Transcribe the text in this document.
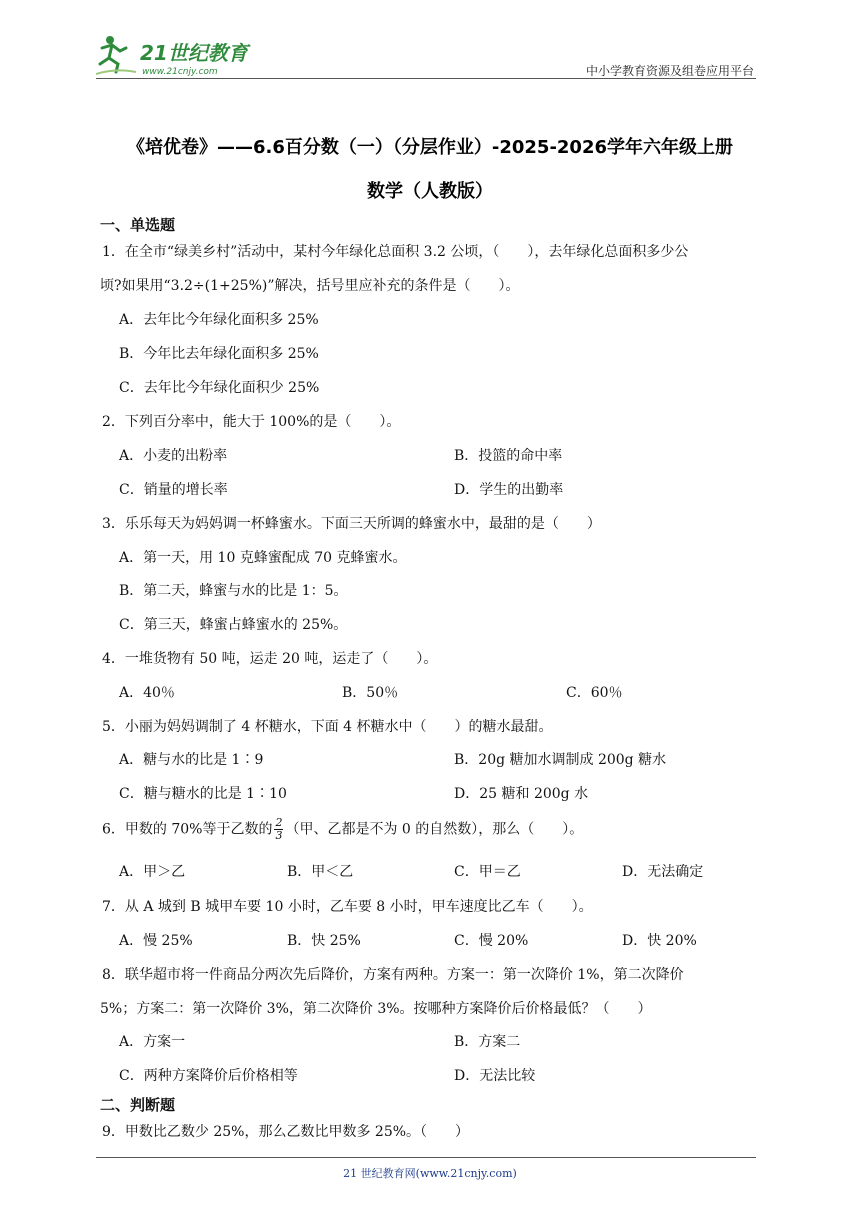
21世纪教育
www.21cnjy.com	中小学教育资源及组卷应用平台
《培优卷》——6.6百分数（一）（分层作业）-2025-2026学年六年级上册
数学（人教版）
一、单选题
1．在全市“绿美乡村”活动中，某村今年绿化总面积 3.2 公顷，（　　），去年绿化总面积多少公
顷?如果用“3.2÷(1+25%)”解决，括号里应补充的条件是（　　）。
A．去年比今年绿化面积多 25%
B．今年比去年绿化面积多 25%
C．去年比今年绿化面积少 25%
2．下列百分率中，能大于 100%的是（　　）。
A．小麦的出粉率	B．投篮的命中率
C．销量的增长率	D．学生的出勤率
3．乐乐每天为妈妈调一杯蜂蜜水。下面三天所调的蜂蜜水中，最甜的是（　　）
A．第一天，用 10 克蜂蜜配成 70 克蜂蜜水。
B．第二天，蜂蜜与水的比是 1：5。
C．第三天，蜂蜜占蜂蜜水的 25%。
4．一堆货物有 50 吨，运走 20 吨，运走了（　　）。
A．40％	B．50％	C．60％
5．小丽为妈妈调制了 4 杯糖水，下面 4 杯糖水中（　　）的糖水最甜。
A．糖与水的比是 1∶9	B．20g 糖加水调制成 200g 糖水
C．糖与糖水的比是 1∶10	D．25 糖和 200g 水
6．甲数的 70%等于乙数的 $\frac{2}{3}$ （甲、乙都是不为 0 的自然数），那么（　　）。
A．甲＞乙	B．甲＜乙	C．甲＝乙	D．无法确定
7．从 A 城到 B 城甲车要 10 小时，乙车要 8 小时，甲车速度比乙车（　　）。
A．慢 25%	B．快 25%	C．慢 20%	D．快 20%
8．联华超市将一件商品分两次先后降价，方案有两种。方案一：第一次降价 1%，第二次降价
5%；方案二：第一次降价 3%，第二次降价 3%。按哪种方案降价后价格最低？（　　）
A．方案一	B．方案二
C．两种方案降价后价格相等	D．无法比较
二、判断题
9．甲数比乙数少 25%，那么乙数比甲数多 25%。（　　）
21 世纪教育网(www.21cnjy.com)
